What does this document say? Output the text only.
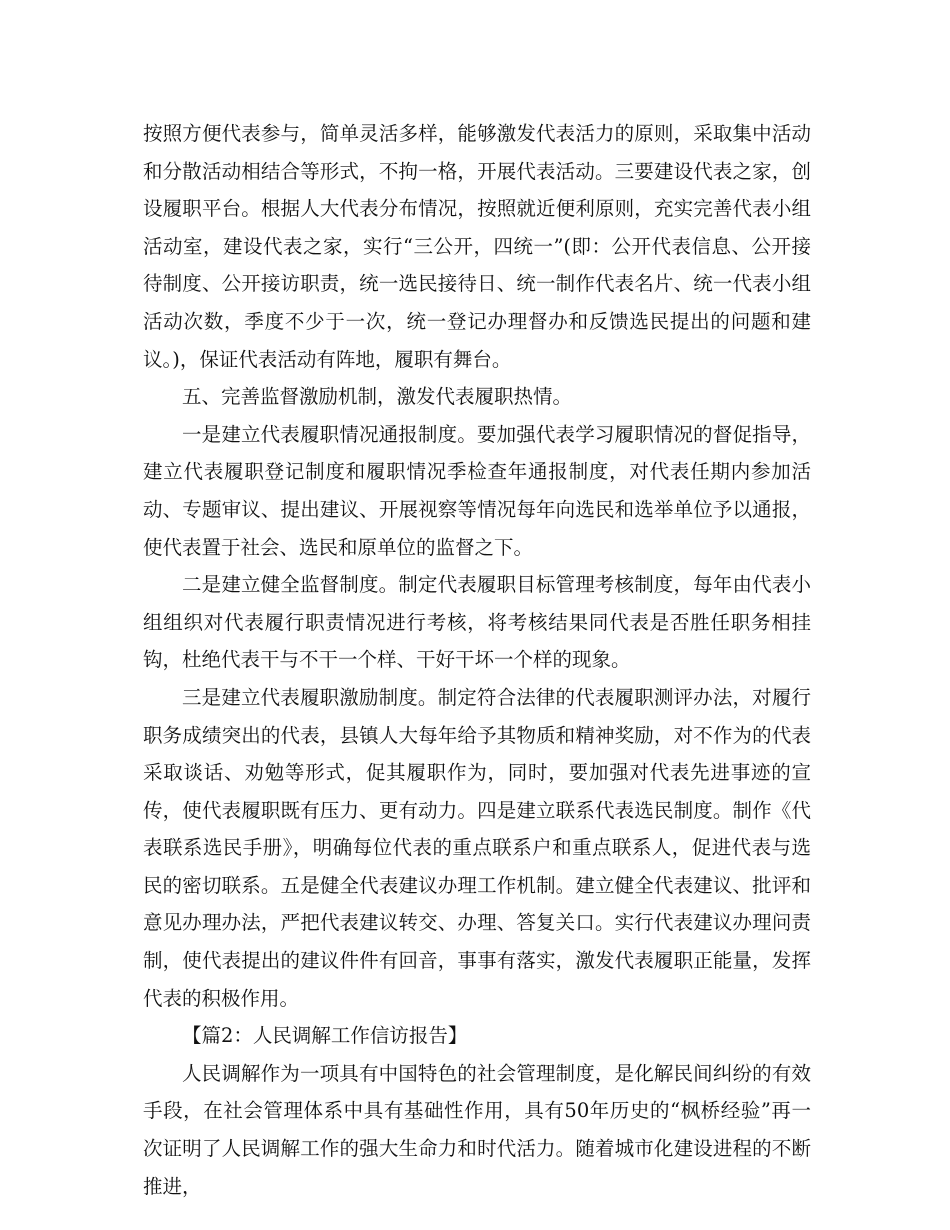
按照方便代表参与，简单灵活多样，能够激发代表活力的原则，采取集中活动和分散活动相结合等形式，不拘一格，开展代表活动。三要建设代表之家，创设履职平台。根据人大代表分布情况，按照就近便利原则，充实完善代表小组活动室，建设代表之家，实行“三公开，四统一”(即：公开代表信息、公开接待制度、公开接访职责，统一选民接待日、统一制作代表名片、统一代表小组活动次数，季度不少于一次，统一登记办理督办和反馈选民提出的问题和建议。)，保证代表活动有阵地，履职有舞台。

五、完善监督激励机制，激发代表履职热情。

一是建立代表履职情况通报制度。要加强代表学习履职情况的督促指导，建立代表履职登记制度和履职情况季检查年通报制度，对代表任期内参加活动、专题审议、提出建议、开展视察等情况每年向选民和选举单位予以通报，使代表置于社会、选民和原单位的监督之下。

二是建立健全监督制度。制定代表履职目标管理考核制度，每年由代表小组组织对代表履行职责情况进行考核，将考核结果同代表是否胜任职务相挂钩，杜绝代表干与不干一个样、干好干坏一个样的现象。

三是建立代表履职激励制度。制定符合法律的代表履职测评办法，对履行职务成绩突出的代表，县镇人大每年给予其物质和精神奖励，对不作为的代表采取谈话、劝勉等形式，促其履职作为，同时，要加强对代表先进事迹的宣传，使代表履职既有压力、更有动力。四是建立联系代表选民制度。制作《代表联系选民手册》，明确每位代表的重点联系户和重点联系人，促进代表与选民的密切联系。五是健全代表建议办理工作机制。建立健全代表建议、批评和意见办理办法，严把代表建议转交、办理、答复关口。实行代表建议办理问责制，使代表提出的建议件件有回音，事事有落实，激发代表履职正能量，发挥代表的积极作用。

【篇2：人民调解工作信访报告】

人民调解作为一项具有中国特色的社会管理制度，是化解民间纠纷的有效手段，在社会管理体系中具有基础性作用，具有50年历史的“枫桥经验”再一次证明了人民调解工作的强大生命力和时代活力。随着城市化建设进程的不断推进，
